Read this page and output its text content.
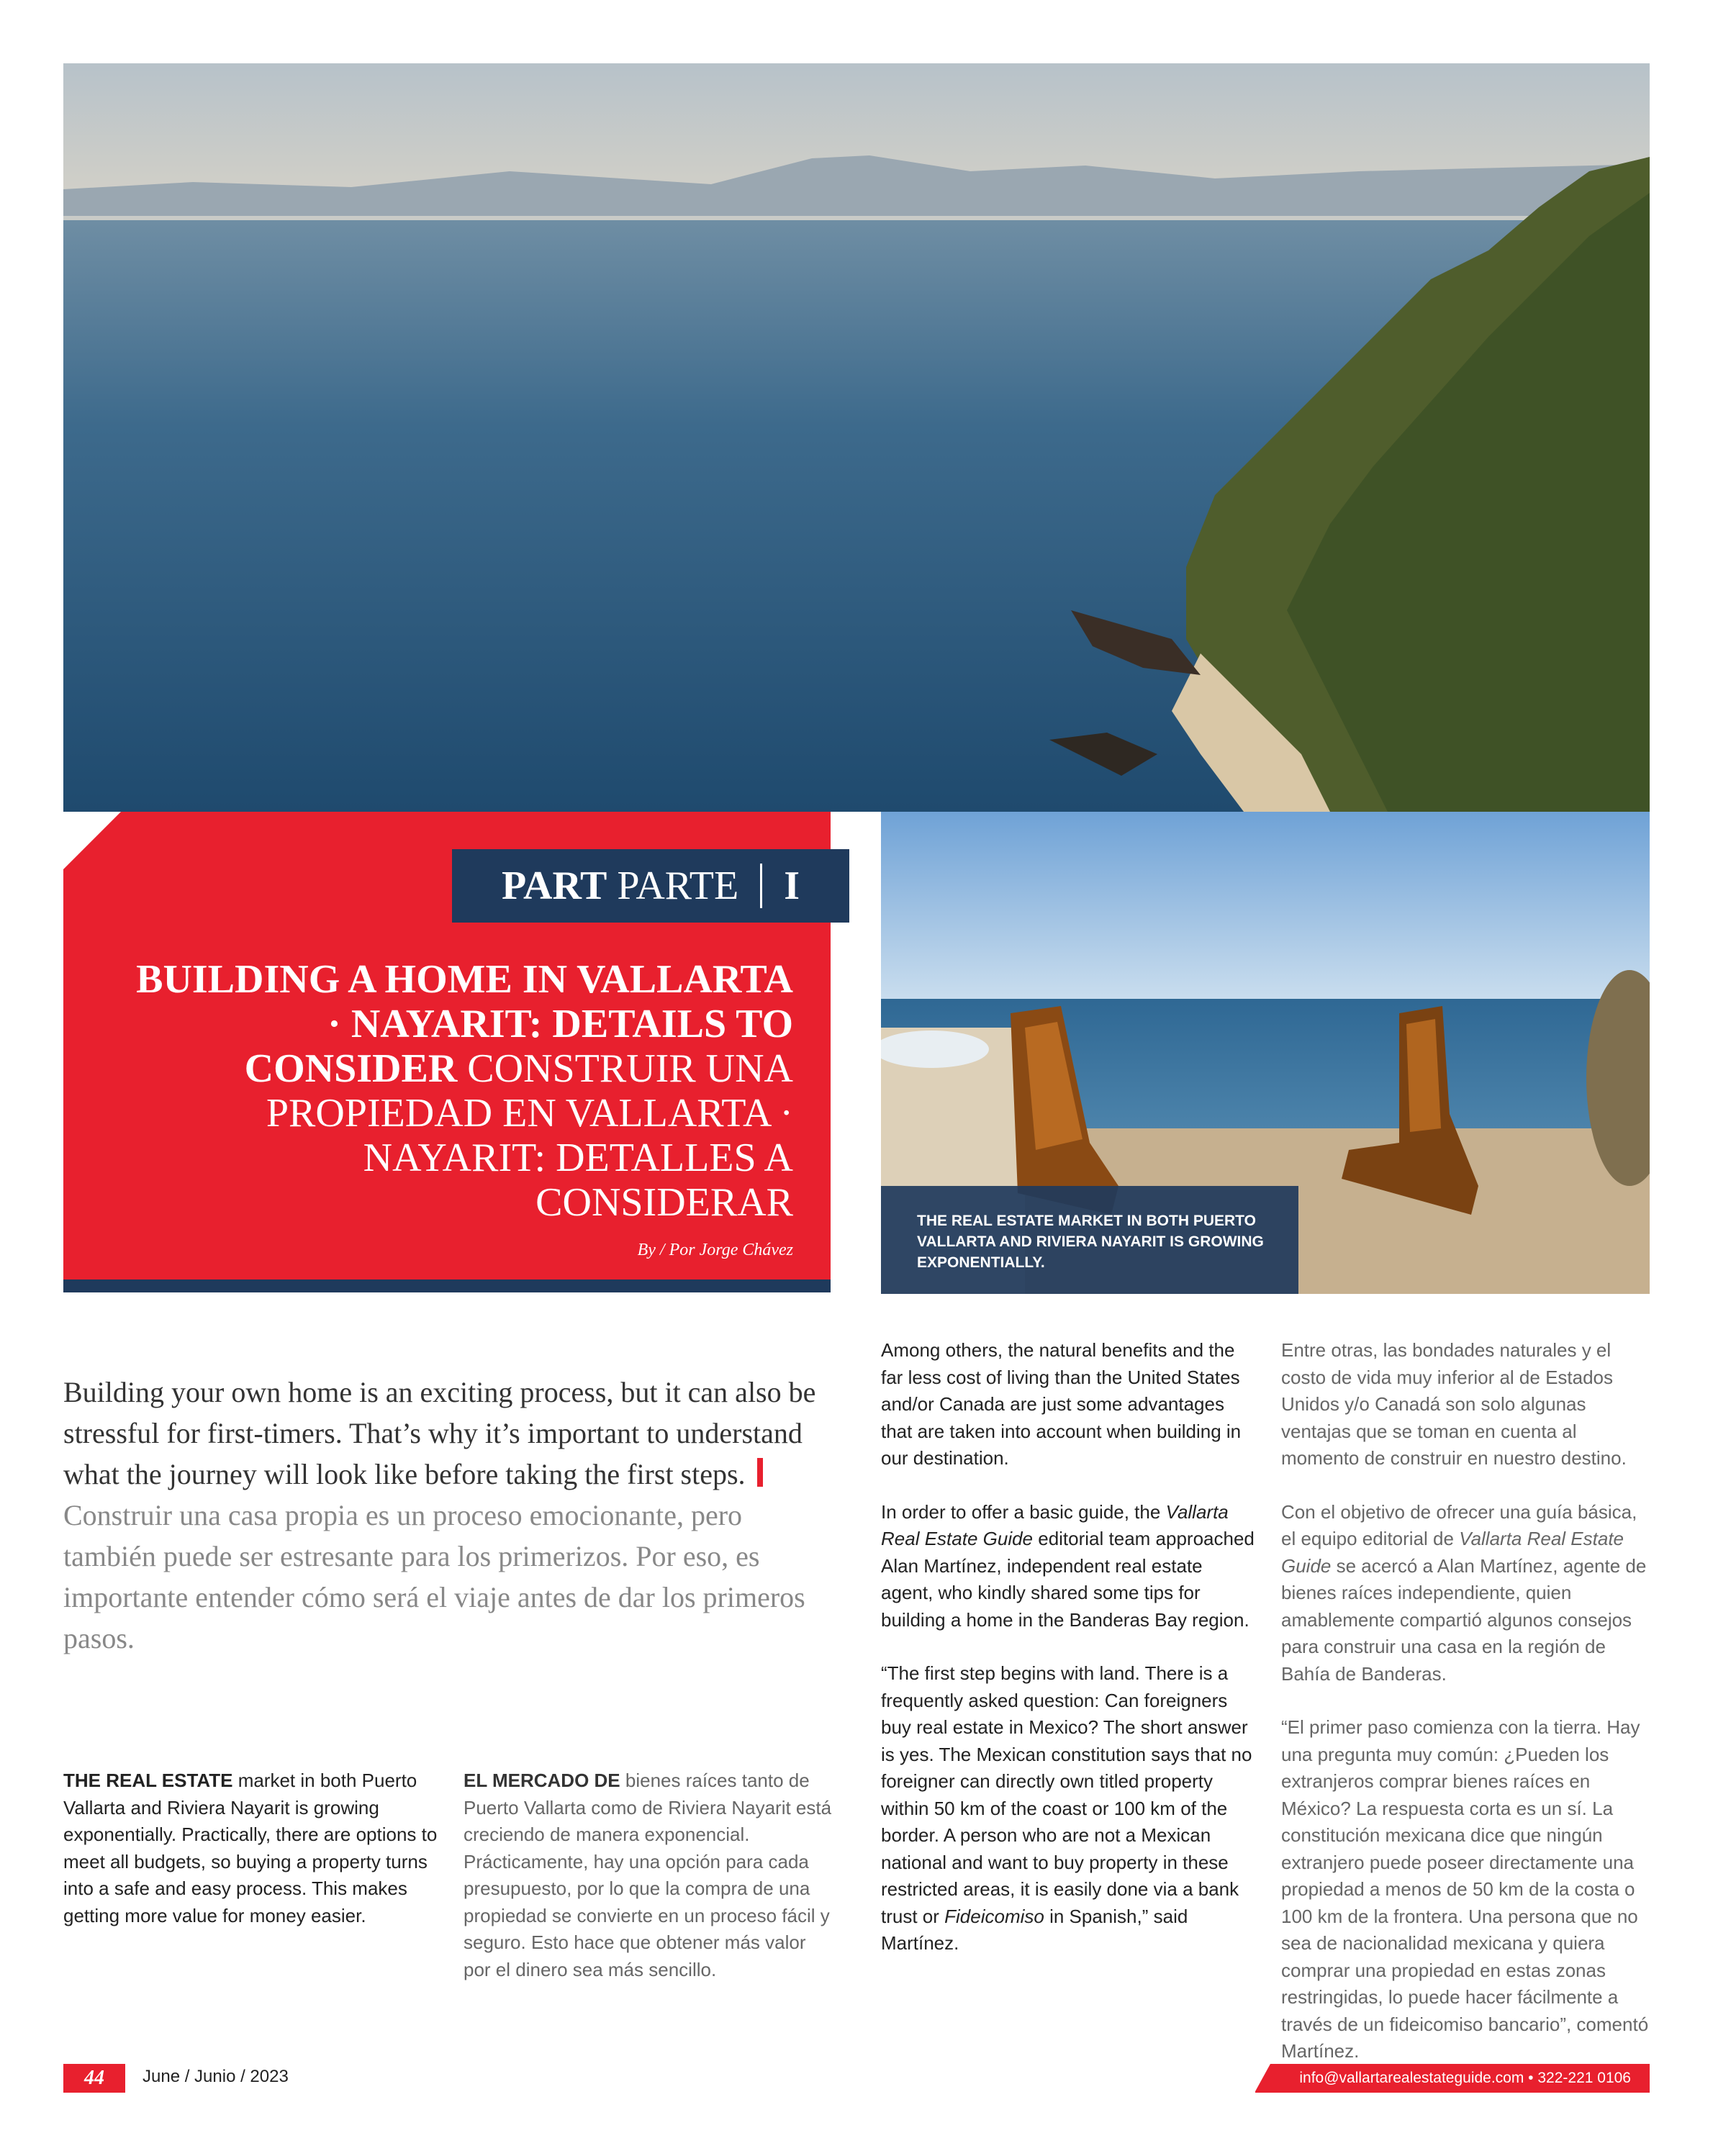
PART
PARTE I
BUILDING A HOME IN VALLARTA · NAYARIT: DETAILS TO CONSIDER CONSTRUIR UNA PROPIEDAD EN VALLARTA · NAYARIT: DETALLES A CONSIDERAR
By / Por Jorge Chávez
THE REAL ESTATE MARKET IN BOTH PUERTO VALLARTA AND RIVIERA NAYARIT IS GROWING EXPONENTIALLY.
Building your own home is an exciting process, but it can also be stressful for first-timers. That’s why it’s important to understand what the journey will look like before taking the first steps. Construir una casa propia es un proceso emocionante, pero también puede ser estresante para los primerizos. Por eso, es importante entender cómo será el viaje antes de dar los primeros pasos.

THE REAL ESTATE market in both Puerto Vallarta and Riviera Nayarit is growing exponentially. Practically, there are options to meet all budgets, so buying a property turns into a safe and easy process. This makes getting more value for money easier.

EL MERCADO DE bienes raíces tanto de Puerto Vallarta como de Riviera Nayarit está creciendo de manera exponencial. Prácticamente, hay una opción para cada presupuesto, por lo que la compra de una propiedad se convierte en un proceso fácil y seguro. Esto hace que obtener más valor por el dinero sea más sencillo.

Among others, the natural benefits and the far less cost of living than the United States and/or Canada are just some advantages that are taken into account when building in our destination.

In order to offer a basic guide, the Vallarta Real Estate Guide editorial team approached Alan Martínez, independent real estate agent, who kindly shared some tips for building a home in the Banderas Bay region.

“The first step begins with land. There is a frequently asked question: Can foreigners buy real estate in Mexico? The short answer is yes. The Mexican constitution says that no foreigner can directly own titled property within 50 km of the coast or 100 km of the border. A person who are not a Mexican national and want to buy property in these restricted areas, it is easily done via a bank trust or Fideicomiso in Spanish,” said Martínez.

Entre otras, las bondades naturales y el costo de vida muy inferior al de Estados Unidos y/o Canadá son solo algunas ventajas que se toman en cuenta al momento de construir en nuestro destino.

Con el objetivo de ofrecer una guía básica, el equipo editorial de Vallarta Real Estate Guide se acercó a Alan Martínez, agente de bienes raíces independiente, quien amablemente compartió algunos consejos para construir una casa en la región de Bahía de Banderas.

“El primer paso comienza con la tierra. Hay una pregunta muy común: ¿Pueden los extranjeros comprar bienes raíces en México? La respuesta corta es un sí. La constitución mexicana dice que ningún extranjero puede poseer directamente una propiedad a menos de 50 km de la costa o 100 km de la frontera. Una persona que no sea de nacionalidad mexicana y quiera comprar una propiedad en estas zonas restringidas, lo puede hacer fácilmente a través de un fideicomiso bancario”, comentó Martínez.

44	June / Junio / 2023	info@vallartarealestateguide.com • 322-221 0106
